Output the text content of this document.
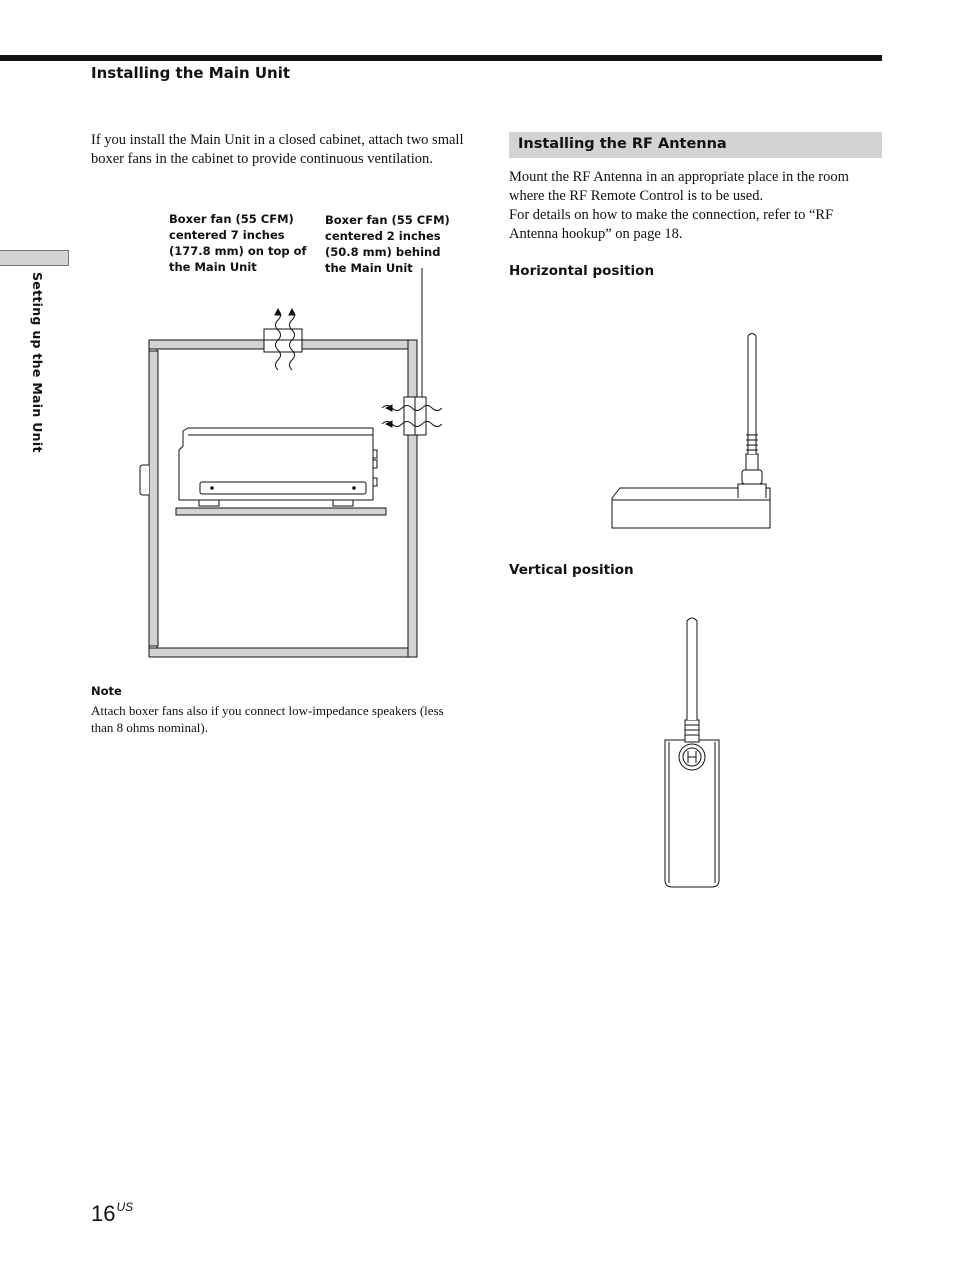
Installing the Main Unit
Setting up the Main Unit
If you install the Main Unit in a closed cabinet, attach two small boxer fans in the cabinet to provide continuous ventilation.
Boxer fan (55 CFM) centered 7 inches (177.8 mm) on top of the Main Unit
Boxer fan (55 CFM) centered 2 inches (50.8 mm) behind the Main Unit
Note
Attach boxer fans also if you connect low-impedance speakers (less than 8 ohms nominal).
Installing the RF Antenna
Mount the RF Antenna in an appropriate place in the room where the RF Remote Control is to be used.
For details on how to make the connection, refer to “RF Antenna hookup” on page 18.
Horizontal position
Vertical position
$16^{US}$
